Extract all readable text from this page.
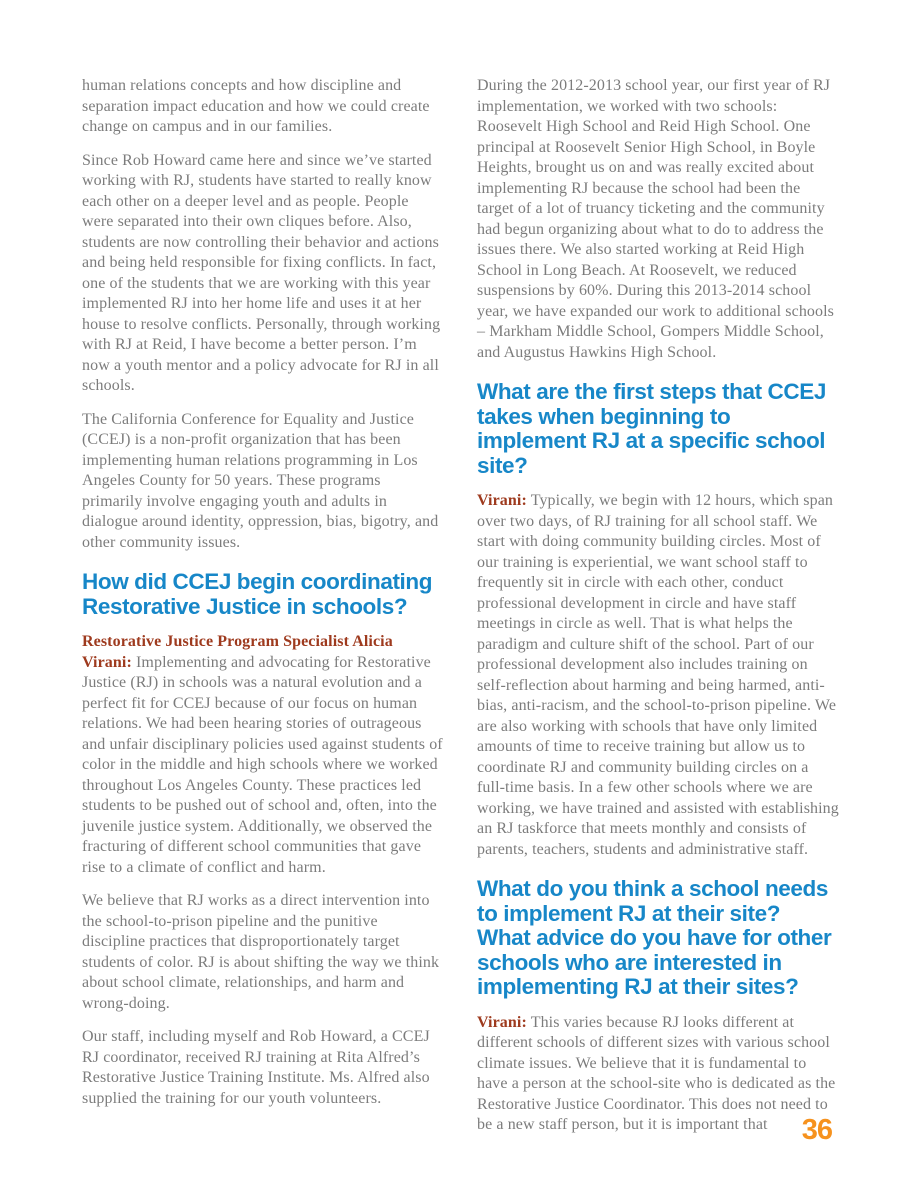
human relations concepts and how discipline and separation impact education and how we could create change on campus and in our families.

Since Rob Howard came here and since we’ve started working with RJ, students have started to really know each other on a deeper level and as people. People were separated into their own cliques before. Also, students are now controlling their behavior and actions and being held responsible for fixing conflicts. In fact, one of the students that we are working with this year implemented RJ into her home life and uses it at her house to resolve conflicts. Personally, through working with RJ at Reid, I have become a better person. I’m now a youth mentor and a policy advocate for RJ in all schools.

The California Conference for Equality and Justice (CCEJ) is a non-profit organization that has been implementing human relations programming in Los Angeles County for 50 years. These programs primarily involve engaging youth and adults in dialogue around identity, oppression, bias, bigotry, and other community issues.

How did CCEJ begin coordinating Restorative Justice in schools?

Restorative Justice Program Specialist Alicia Virani: Implementing and advocating for Restorative Justice (RJ) in schools was a natural evolution and a perfect fit for CCEJ because of our focus on human relations. We had been hearing stories of outrageous and unfair disciplinary policies used against students of color in the middle and high schools where we worked throughout Los Angeles County. These practices led students to be pushed out of school and, often, into the juvenile justice system. Additionally, we observed the fracturing of different school communities that gave rise to a climate of conflict and harm.

We believe that RJ works as a direct intervention into the school-to-prison pipeline and the punitive discipline practices that disproportionately target students of color. RJ is about shifting the way we think about school climate, relationships, and harm and wrong-doing.

Our staff, including myself and Rob Howard, a CCEJ RJ coordinator, received RJ training at Rita Alfred’s Restorative Justice Training Institute. Ms. Alfred also supplied the training for our youth volunteers.

During the 2012-2013 school year, our first year of RJ implementation, we worked with two schools: Roosevelt High School and Reid High School. One principal at Roosevelt Senior High School, in Boyle Heights, brought us on and was really excited about implementing RJ because the school had been the target of a lot of truancy ticketing and the community had begun organizing about what to do to address the issues there. We also started working at Reid High School in Long Beach. At Roosevelt, we reduced suspensions by 60%. During this 2013-2014 school year, we have expanded our work to additional schools – Markham Middle School, Gompers Middle School, and Augustus Hawkins High School.

What are the first steps that CCEJ takes when beginning to implement RJ at a specific school site?

Virani: Typically, we begin with 12 hours, which span over two days, of RJ training for all school staff. We start with doing community building circles. Most of our training is experiential, we want school staff to frequently sit in circle with each other, conduct professional development in circle and have staff meetings in circle as well. That is what helps the paradigm and culture shift of the school. Part of our professional development also includes training on self-reflection about harming and being harmed, anti-bias, anti-racism, and the school-to-prison pipeline. We are also working with schools that have only limited amounts of time to receive training but allow us to coordinate RJ and community building circles on a full-time basis. In a few other schools where we are working, we have trained and assisted with establishing an RJ taskforce that meets monthly and consists of parents, teachers, students and administrative staff.

What do you think a school needs to implement RJ at their site? What advice do you have for other schools who are interested in implementing RJ at their sites?

Virani: This varies because RJ looks different at different schools of different sizes with various school climate issues. We believe that it is fundamental to have a person at the school-site who is dedicated as the Restorative Justice Coordinator. This does not need to be a new staff person, but it is important that	36
